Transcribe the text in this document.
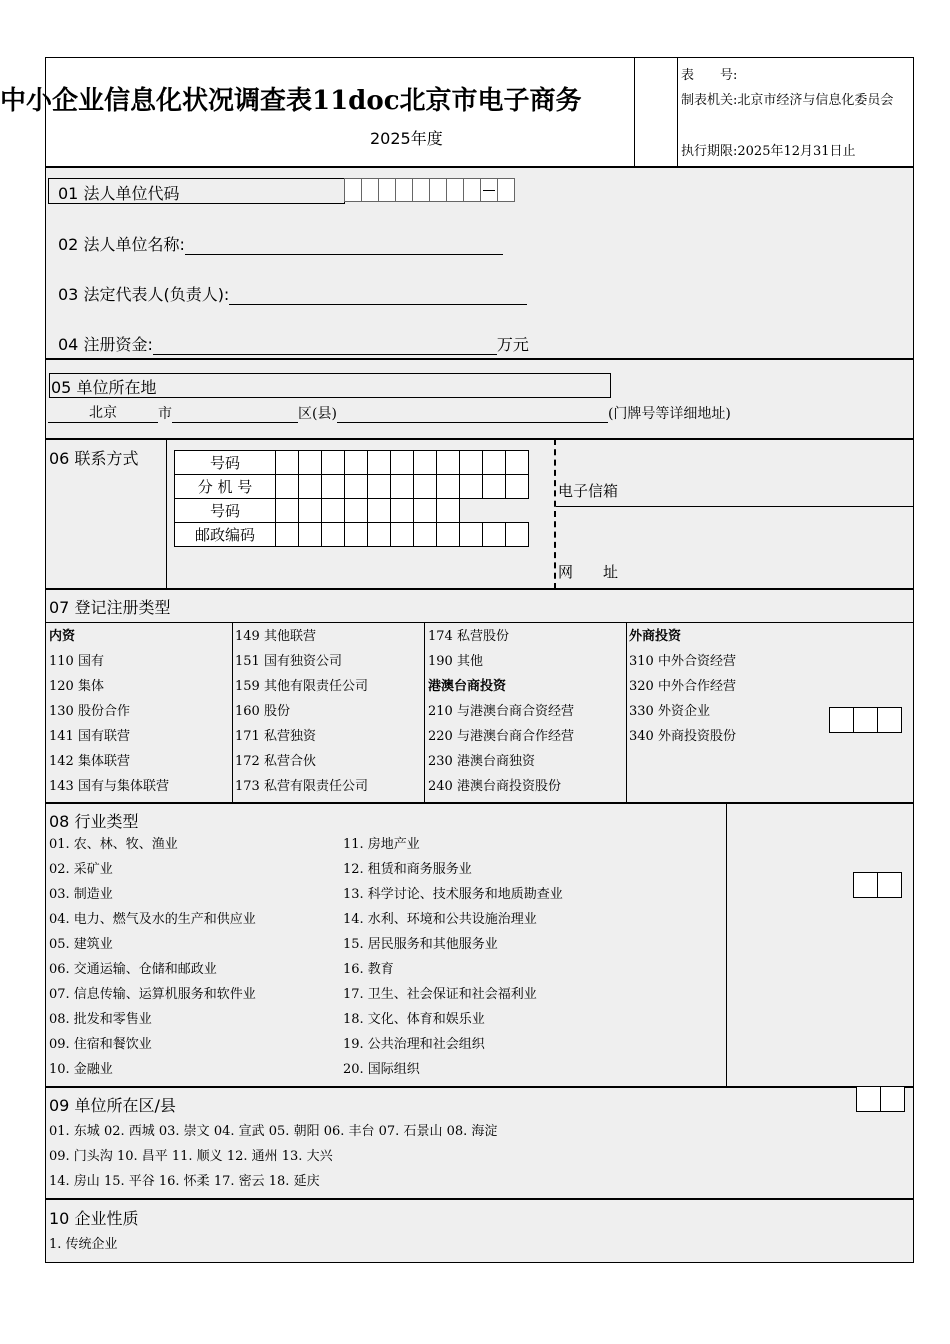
中小企业信息化状况调查表11doc北京市电子商务
2025年度
表　　号:
制表机关:北京市经济与信息化委员会
执行期限:2025年12月31日止
01 法人单位代码
02 法人单位名称:
03 法定代表人(负责人):
04 注册资金:	万元
05 单位所在地
北京	市	区(县)	(门牌号等详细地址)
06 联系方式	号码											
分 机 号											
号码											
邮政编码											
电子信箱
网　　址
07 登记注册类型
内资
110 国有
120 集体
130 股份合作
141 国有联营
142 集体联营
143 国有与集体联营
149 其他联营
151 国有独资公司
159 其他有限责任公司
160 股份
171 私营独资
172 私营合伙
173 私营有限责任公司
174 私营股份
190 其他
港澳台商投资
210 与港澳台商合资经营
220 与港澳台商合作经营
230 港澳台商独资
240 港澳台商投资股份
外商投资
310 中外合资经营
320 中外合作经营
330 外资企业
340 外商投资股份
08 行业类型
01. 农、林、牧、渔业
02. 采矿业
03. 制造业
04. 电力、燃气及水的生产和供应业
05. 建筑业
06. 交通运输、仓储和邮政业
07. 信息传输、运算机服务和软件业
08. 批发和零售业
09. 住宿和餐饮业
10. 金融业
11. 房地产业
12. 租赁和商务服务业
13. 科学讨论、技术服务和地质勘查业
14. 水利、环境和公共设施治理业
15. 居民服务和其他服务业
16. 教育
17. 卫生、社会保证和社会福利业
18. 文化、体育和娱乐业
19. 公共治理和社会组织
20. 国际组织
09 单位所在区/县
01. 东城 02. 西城 03. 崇文 04. 宣武 05. 朝阳 06. 丰台 07. 石景山 08. 海淀
09. 门头沟 10. 昌平 11. 顺义 12. 通州 13. 大兴
14. 房山 15. 平谷 16. 怀柔 17. 密云 18. 延庆
10 企业性质
1. 传统企业
